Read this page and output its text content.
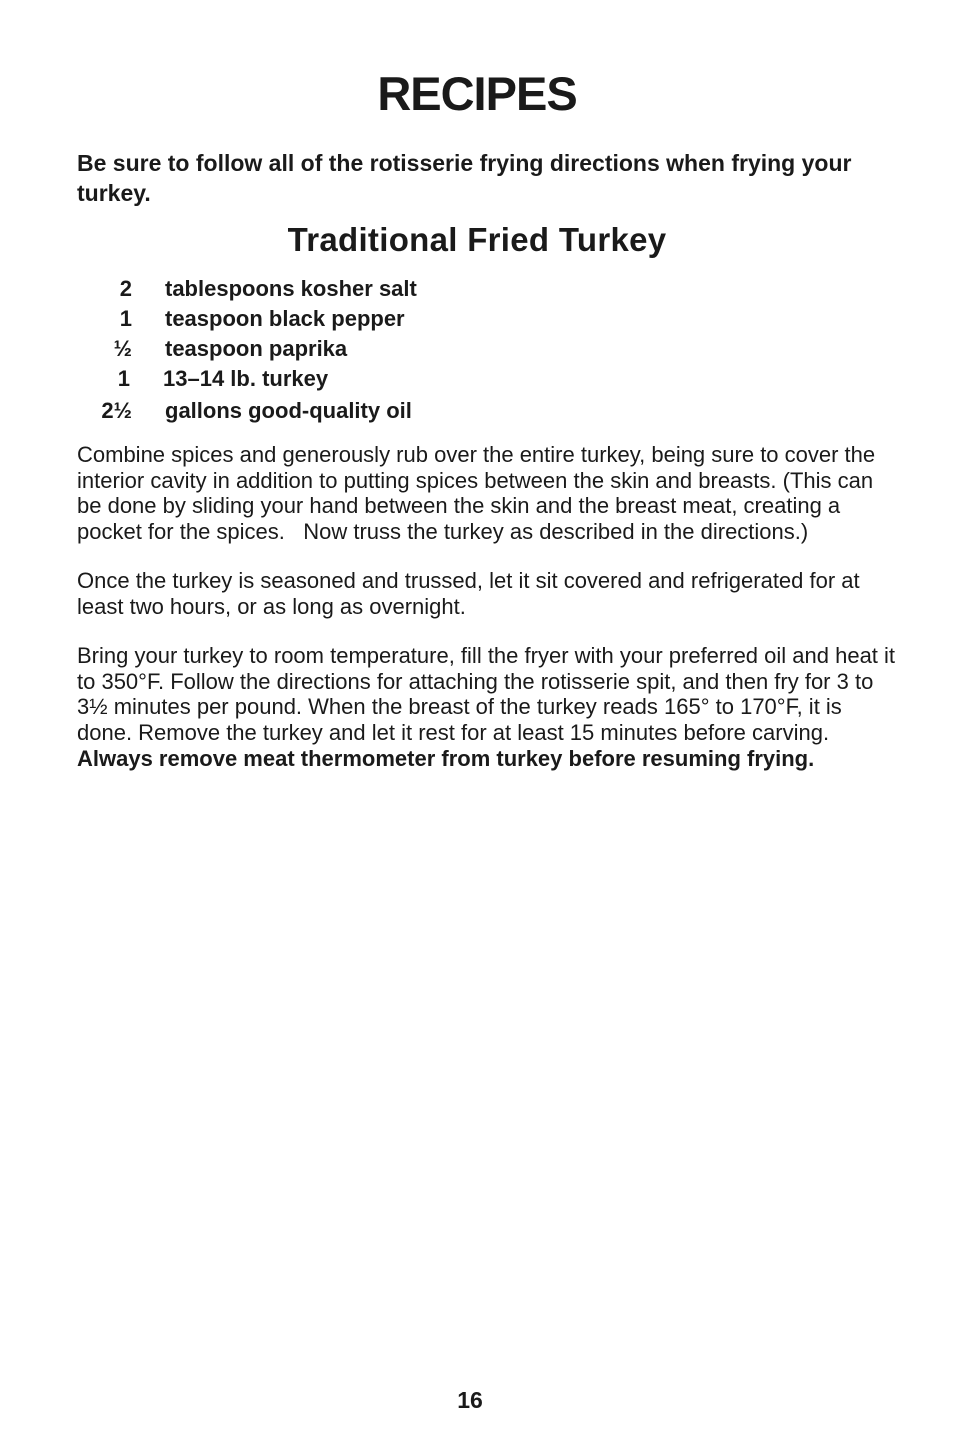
RECIPES

Be sure to follow all of the rotisserie frying directions when frying your turkey.

Traditional Fried Turkey
2 tablespoons kosher salt
1 teaspoon black pepper
½ teaspoon paprika
1 13–14 lb. turkey
2½ gallons good-quality oil

Combine spices and generously rub over the entire turkey, being sure to cover the interior cavity in addition to putting spices between the skin and breasts. (This can be done by sliding your hand between the skin and the breast meat, creating a pocket for the spices.   Now truss the turkey as described in the directions.)

Once the turkey is seasoned and trussed, let it sit covered and refrigerated for at least two hours, or as long as overnight.

Bring your turkey to room temperature, fill the fryer with your preferred oil and heat it to 350°F. Follow the directions for attaching the rotisserie spit, and then fry for 3 to 3½ minutes per pound. When the breast of the turkey reads 165° to 170°F, it is done. Remove the turkey and let it rest for at least 15 minutes before carving.

Always remove meat thermometer from turkey before resuming frying.

16
